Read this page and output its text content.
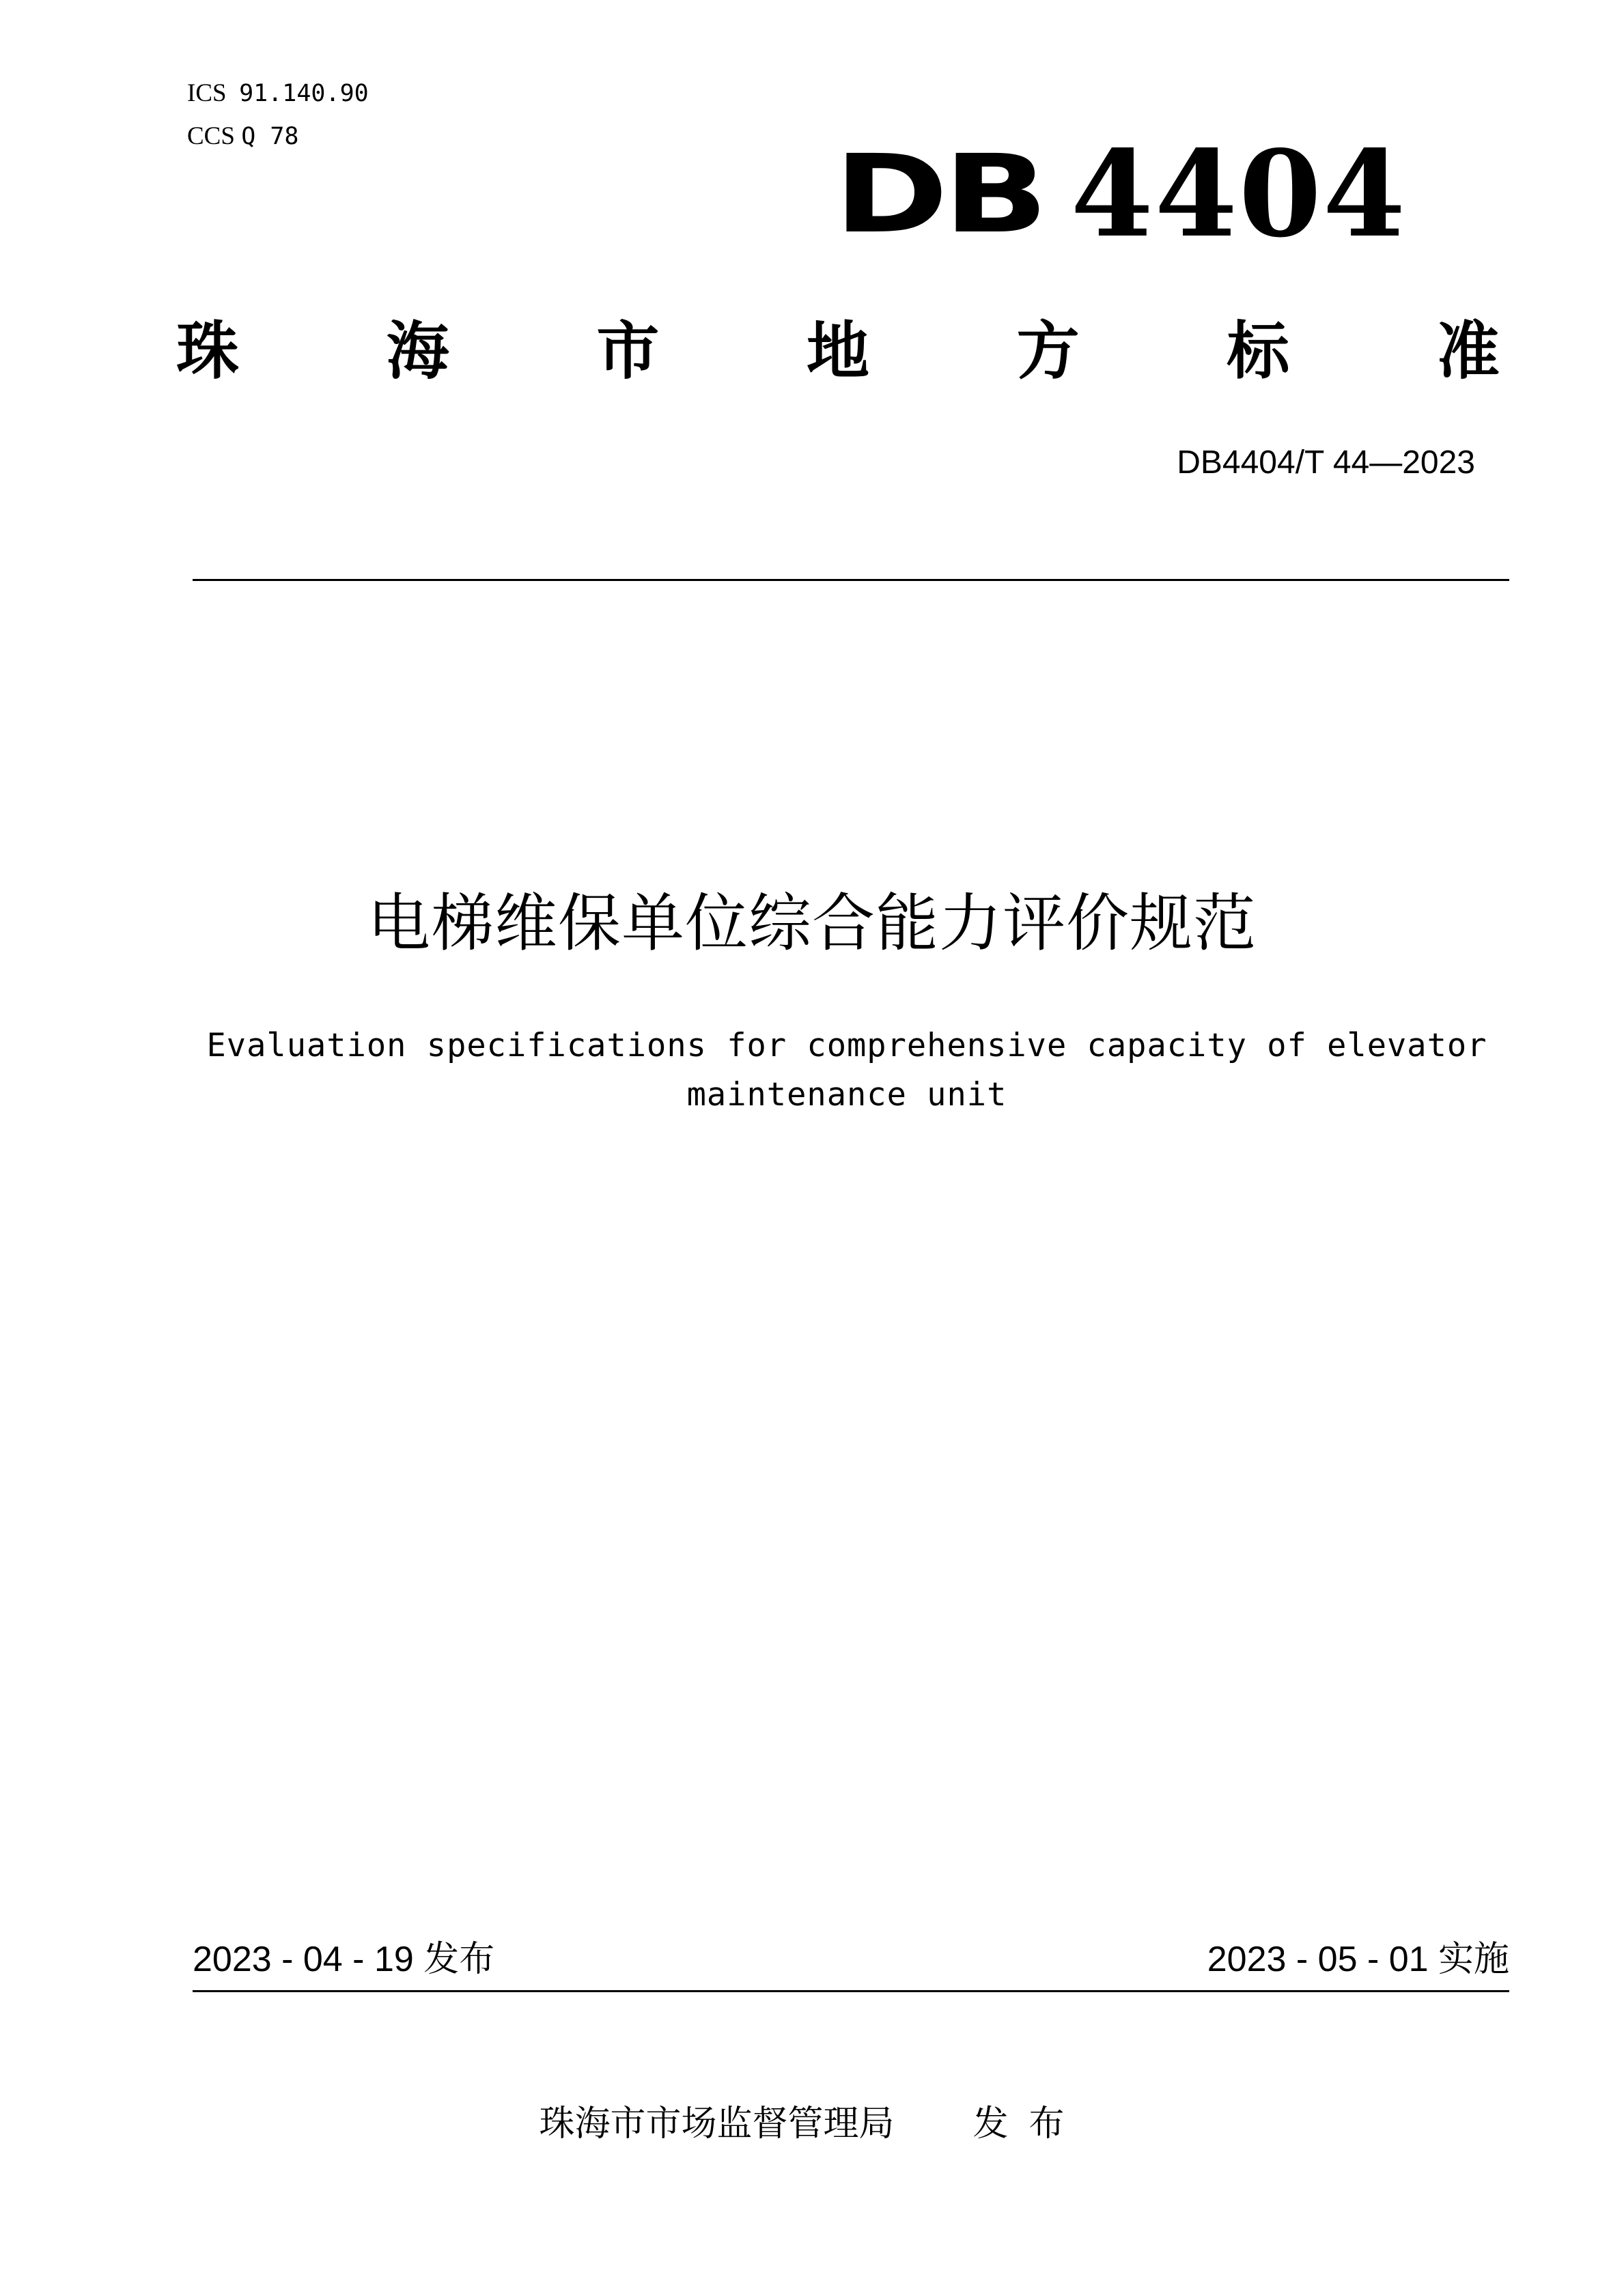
ICS 91.140.90
CCS Q 78	DB 4404
珠 海 市 地 方 标 准
DB4404/T 44—2023
电梯维保单位综合能力评价规范
Evaluation specifications for comprehensive capacity of elevator
maintenance unit
2023 - 04 - 19 发布	2023 - 05 - 01 实施
珠海市市场监督管理局 发布
